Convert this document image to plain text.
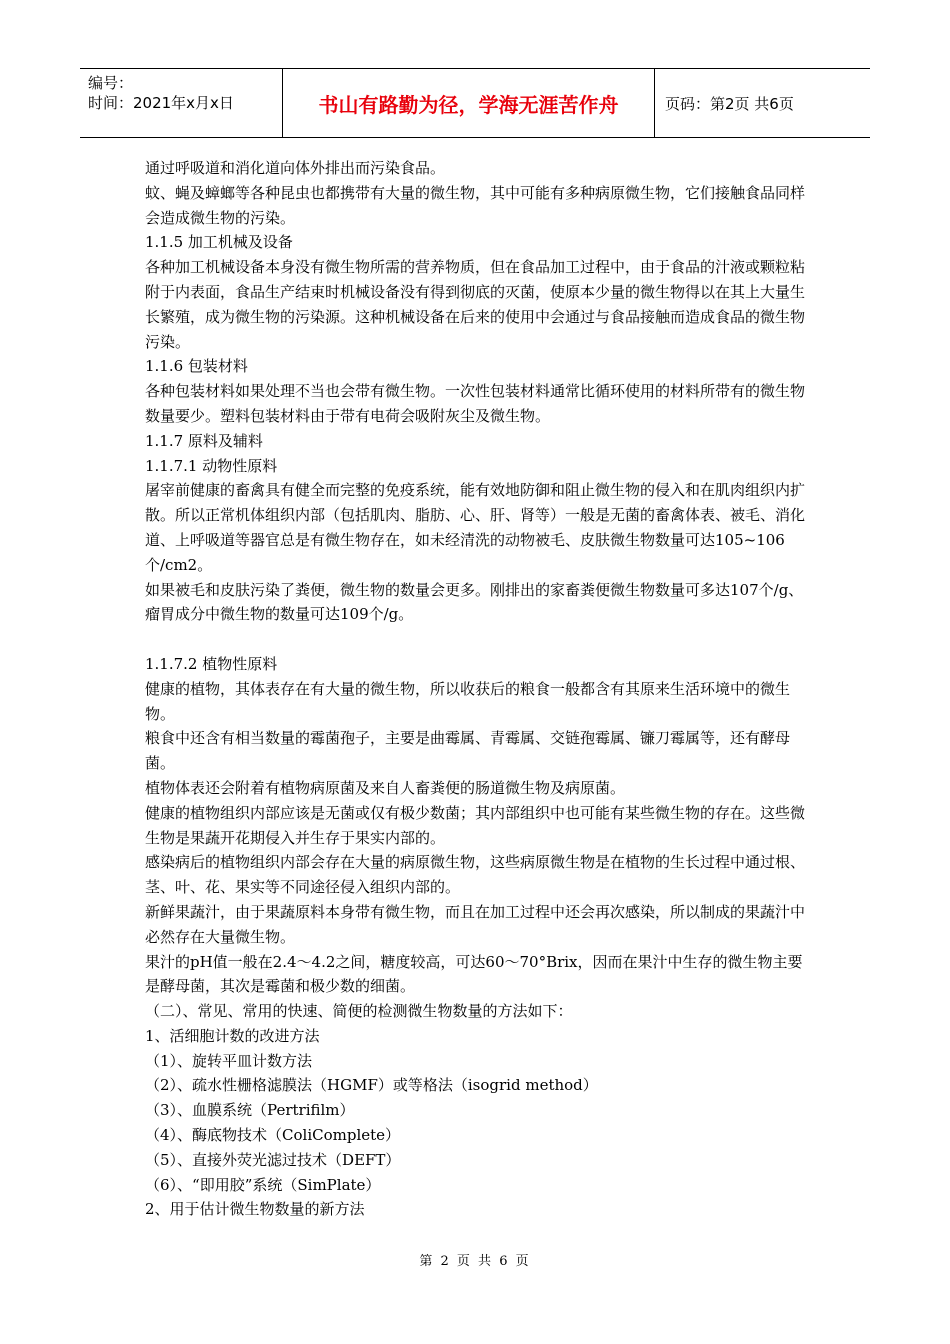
编号：
时间：2021年x月x日	书山有路勤为径，学海无涯苦作舟	页码：第2页 共6页

通过呼吸道和消化道向体外排出而污染食品。

蚊、蝇及蟑螂等各种昆虫也都携带有大量的微生物，其中可能有多种病原微生物，它们接触食品同样会造成微生物的污染。

1.1.5 加工机械及设备

各种加工机械设备本身没有微生物所需的营养物质，但在食品加工过程中，由于食品的汁液或颗粒粘附于内表面，食品生产结束时机械设备没有得到彻底的灭菌，使原本少量的微生物得以在其上大量生长繁殖，成为微生物的污染源。这种机械设备在后来的使用中会通过与食品接触而造成食品的微生物污染。

1.1.6 包装材料

各种包装材料如果处理不当也会带有微生物。一次性包装材料通常比循环使用的材料所带有的微生物数量要少。塑料包装材料由于带有电荷会吸附灰尘及微生物。

1.1.7 原料及辅料

1.1.7.1 动物性原料

屠宰前健康的畜禽具有健全而完整的免疫系统，能有效地防御和阻止微生物的侵入和在肌肉组织内扩散。所以正常机体组织内部（包括肌肉、脂肪、心、肝、肾等）一般是无菌的畜禽体表、被毛、消化道、上呼吸道等器官总是有微生物存在，如未经清洗的动物被毛、皮肤微生物数量可达105~106个/cm2。

如果被毛和皮肤污染了粪便，微生物的数量会更多。刚排出的家畜粪便微生物数量可多达107个/g、瘤胃成分中微生物的数量可达109个/g。

1.1.7.2 植物性原料

健康的植物，其体表存在有大量的微生物，所以收获后的粮食一般都含有其原来生活环境中的微生物。

粮食中还含有相当数量的霉菌孢子，主要是曲霉属、青霉属、交链孢霉属、镰刀霉属等，还有酵母菌。

植物体表还会附着有植物病原菌及来自人畜粪便的肠道微生物及病原菌。

健康的植物组织内部应该是无菌或仅有极少数菌；其内部组织中也可能有某些微生物的存在。这些微生物是果蔬开花期侵入并生存于果实内部的。

感染病后的植物组织内部会存在大量的病原微生物，这些病原微生物是在植物的生长过程中通过根、茎、叶、花、果实等不同途径侵入组织内部的。

新鲜果蔬汁，由于果蔬原料本身带有微生物，而且在加工过程中还会再次感染，所以制成的果蔬汁中必然存在大量微生物。

果汁的pH值一般在2.4～4.2之间，糖度较高，可达60～70°Brix，因而在果汁中生存的微生物主要是酵母菌，其次是霉菌和极少数的细菌。

（二）、常见、常用的快速、简便的检测微生物数量的方法如下：

1、活细胞计数的改进方法

（1）、旋转平皿计数方法

（2）、疏水性栅格滤膜法（HGMF）或等格法（isogrid method）

（3）、血膜系统（Pertrifilm）

（4）、酶底物技术（ColiComplete）

（5）、直接外荧光滤过技术（DEFT）

（6）、“即用胶”系统（SimPlate）

2、用于估计微生物数量的新方法

第 2 页 共 6 页
